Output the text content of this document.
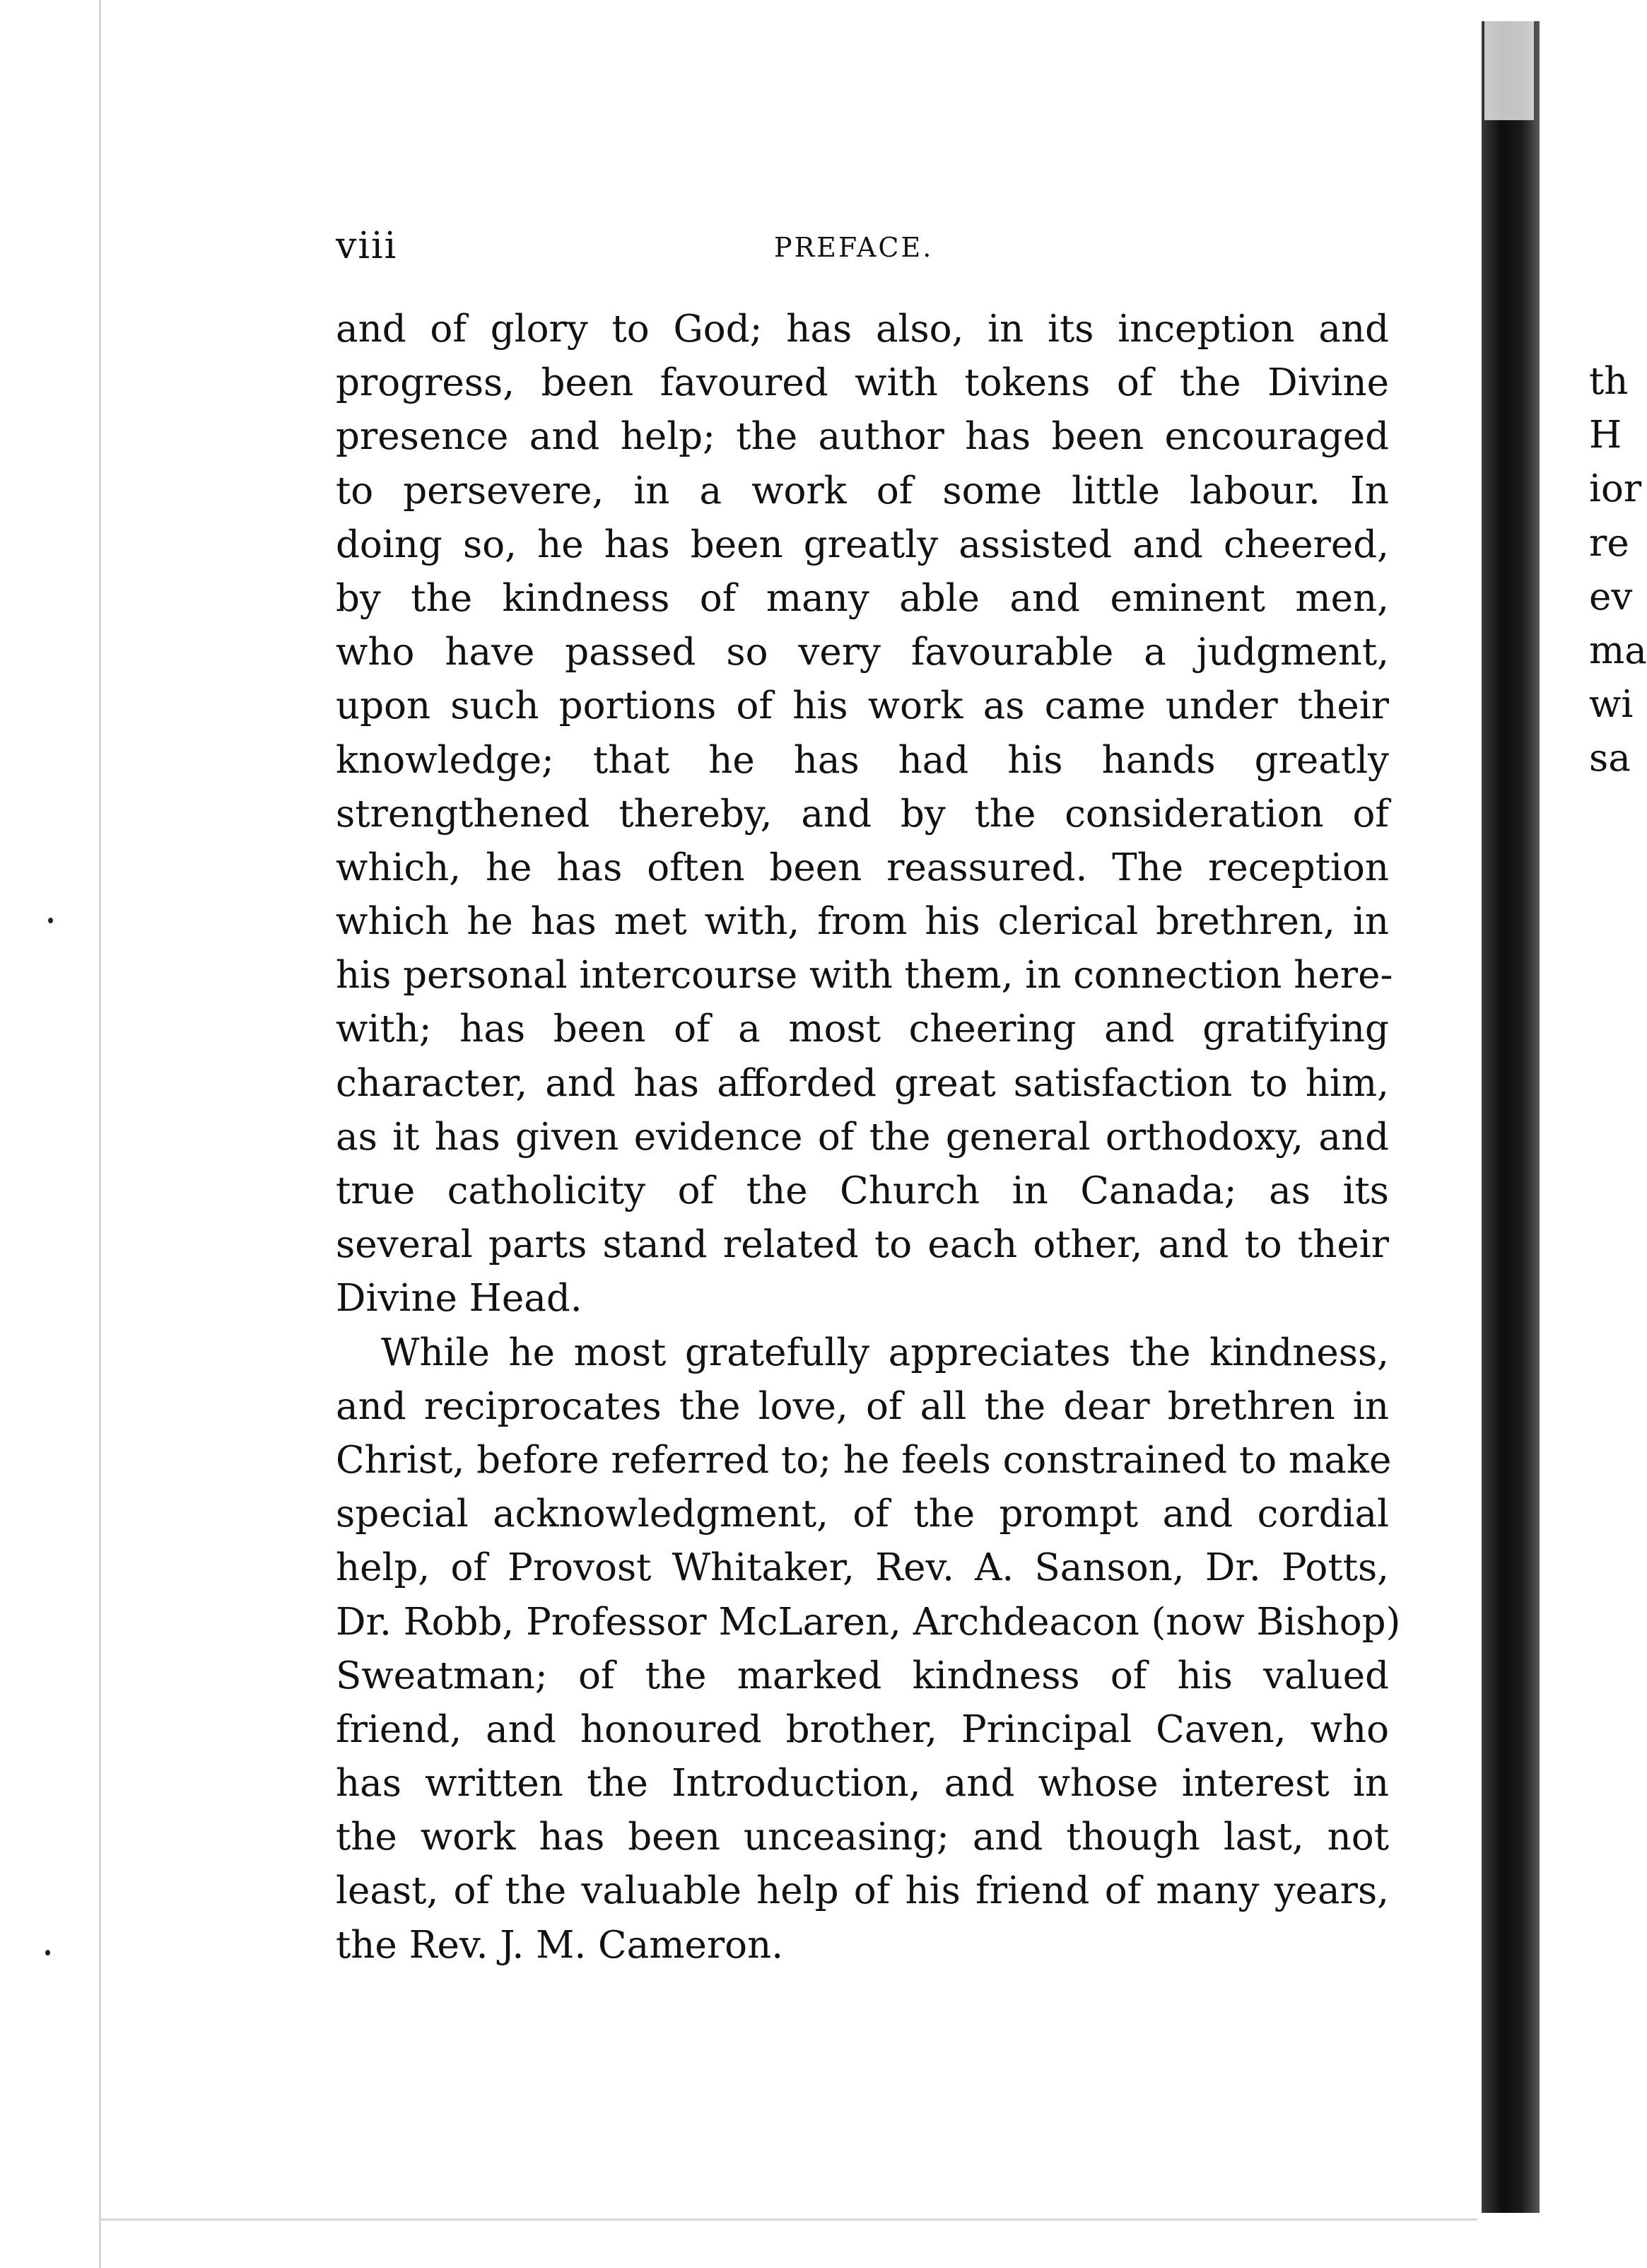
viii	PREFACE.
and of glory to God; has also, in its inception and
progress, been favoured with tokens of the Divine
presence and help; the author has been encouraged
to persevere, in a work of some little labour. In
doing so, he has been greatly assisted and cheered,
by the kindness of many able and eminent men,
who have passed so very favourable a judgment,
upon such portions of his work as came under their
knowledge; that he has had his hands greatly
strengthened thereby, and by the consideration of
which, he has often been reassured. The reception
which he has met with, from his clerical brethren, in
his personal intercourse with them, in connection here-
with; has been of a most cheering and gratifying
character, and has afforded great satisfaction to him,
as it has given evidence of the general orthodoxy, and
true catholicity of the Church in Canada; as its
several parts stand related to each other, and to their
Divine Head.
While he most gratefully appreciates the kindness,
and reciprocates the love, of all the dear brethren in
Christ, before referred to; he feels constrained to make
special acknowledgment, of the prompt and cordial
help, of Provost Whitaker, Rev. A. Sanson, Dr. Potts,
Dr. Robb, Professor McLaren, Archdeacon (now Bishop)
Sweatman; of the marked kindness of his valued
friend, and honoured brother, Principal Caven, who
has written the Introduction, and whose interest in
the work has been unceasing; and though last, not
least, of the valuable help of his friend of many years,
the Rev. J. M. Cameron.
th
H
ior
re
ev
ma
wi
sa
